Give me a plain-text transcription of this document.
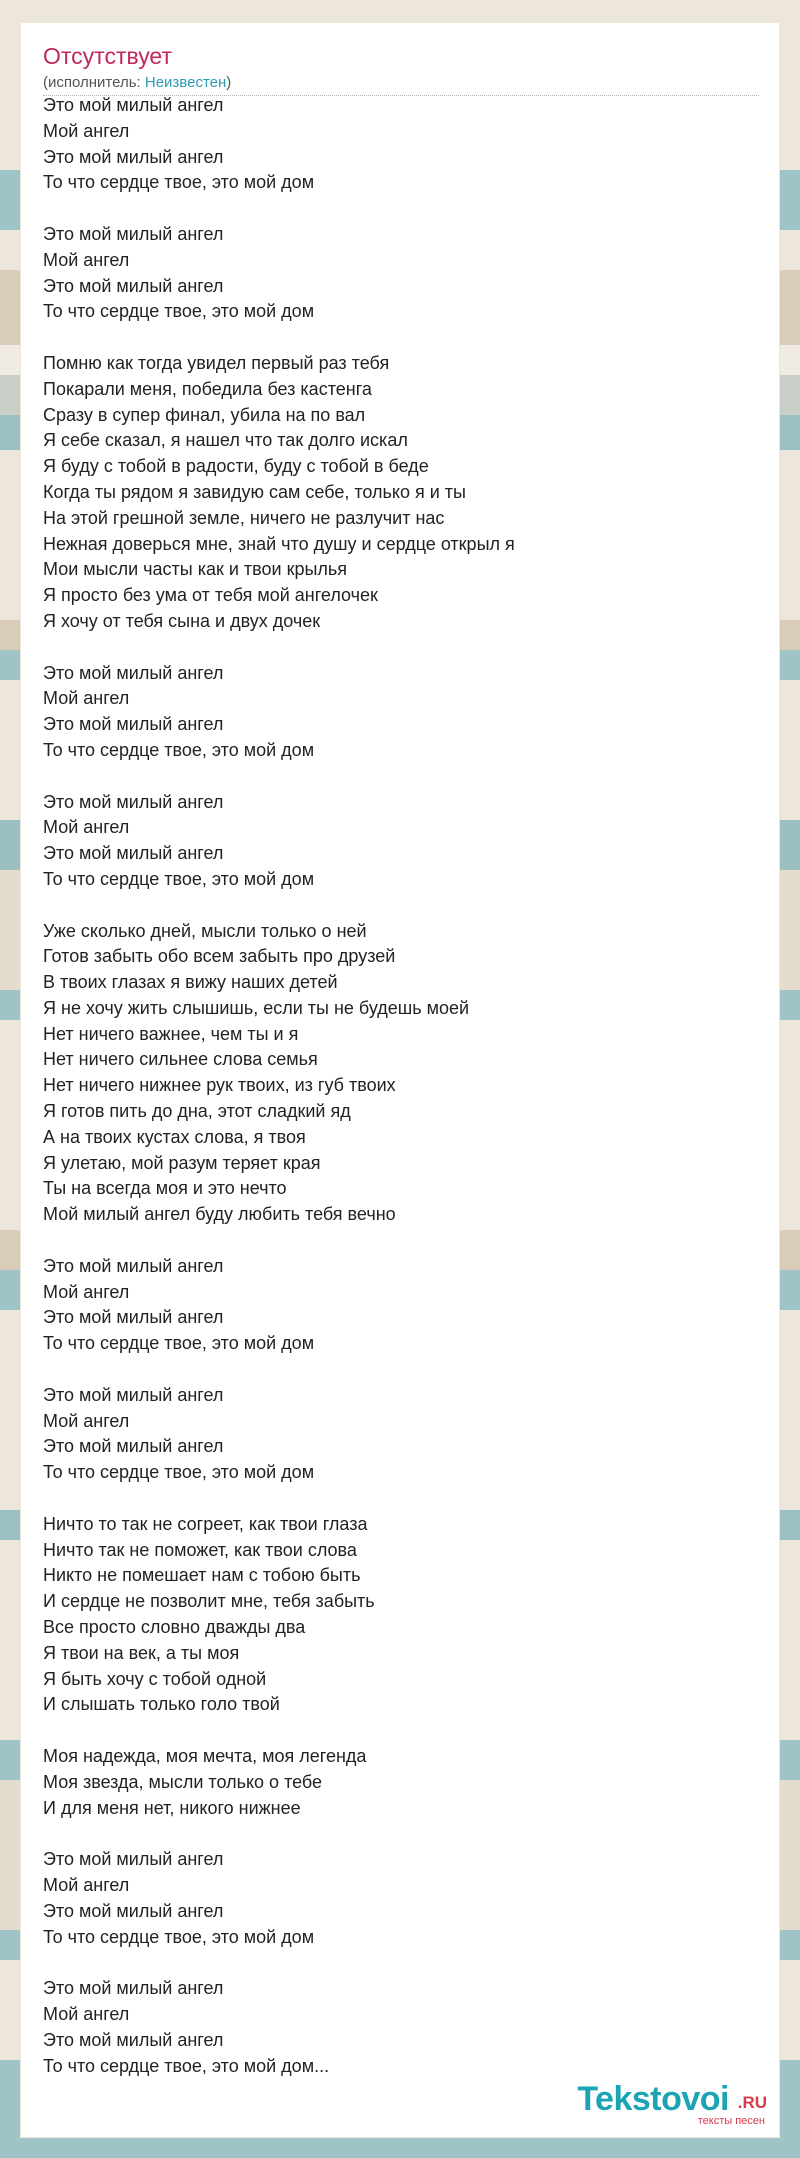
Отсутствует
(исполнитель: Неизвестен)
Это мой милый ангел
Мой ангел
Это мой милый ангел
То что сердце твое, это мой дом
Это мой милый ангел
Мой ангел
Это мой милый ангел
То что сердце твое, это мой дом
Помню как тогда увидел первый раз тебя
Покарали меня, победила без кастенга
Сразу в супер финал, убила на по вал
Я себе сказал, я нашел что так долго искал
Я буду с тобой в радости, буду с тобой в беде
Когда ты рядом я завидую сам себе, только я и ты
На этой грешной земле, ничего не разлучит нас
Нежная доверься мне, знай что душу и сердце открыл я
Мои мысли часты как и твои крылья
Я просто без ума от тебя мой ангелочек
Я хочу от тебя сына и двух дочек
Это мой милый ангел
Мой ангел
Это мой милый ангел
То что сердце твое, это мой дом
Это мой милый ангел
Мой ангел
Это мой милый ангел
То что сердце твое, это мой дом
Уже сколько дней, мысли только о ней
Готов забыть обо всем забыть про друзей
В твоих глазах я вижу наших детей
Я не хочу жить слышишь, если ты не будешь моей
Нет ничего важнее, чем ты и я
Нет ничего сильнее слова семья
Нет ничего нижнее рук твоих, из губ твоих
Я готов пить до дна, этот сладкий яд
А на твоих кустах слова, я твоя
Я улетаю, мой разум теряет края
Ты на всегда моя и это нечто
Мой милый ангел буду любить тебя вечно
Это мой милый ангел
Мой ангел
Это мой милый ангел
То что сердце твое, это мой дом
Это мой милый ангел
Мой ангел
Это мой милый ангел
То что сердце твое, это мой дом
Ничто то так не согреет, как твои глаза
Ничто так не поможет, как твои слова
Никто не помешает нам с тобою быть
И сердце не позволит мне, тебя забыть
Все просто словно дважды два
Я твои на век, а ты моя
Я быть хочу с тобой одной
И слышать только голо твой
Моя надежда, моя мечта, моя легенда
Моя звезда, мысли только о тебе
И для меня нет, никого нижнее
Это мой милый ангел
Мой ангел
Это мой милый ангел
То что сердце твое, это мой дом
Это мой милый ангел
Мой ангел
Это мой милый ангел
То что сердце твое, это мой дом...
Tekstovoi .RU
тексты песен
